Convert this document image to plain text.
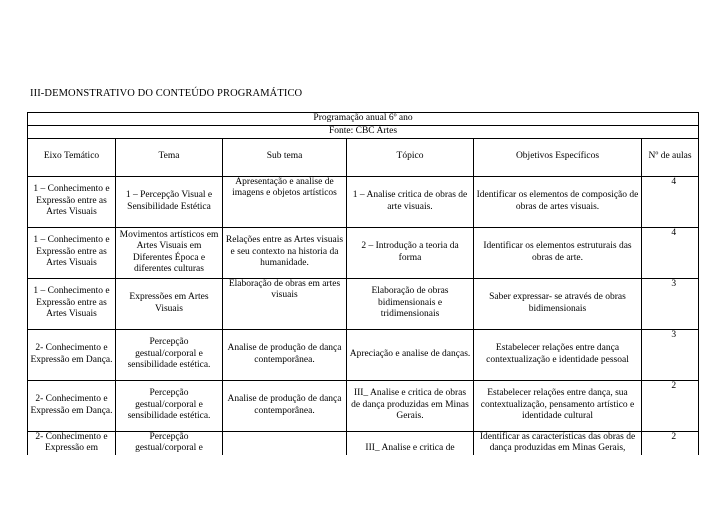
III-DEMONSTRATIVO DO CONTEÚDO PROGRAMÁTICO
Programação anual 6º ano					
Fonte: CBC Artes					
Eixo Temático	Tema	Sub tema	Tópico	Objetivos Específicos	Nº de aulas
1 – Conhecimento e Expressão entre as Artes Visuais	1 – Percepção Visual e Sensibilidade Estética	Apresentação e analise de imagens e objetos artísticos	1 – Analise critica de obras de arte visuais.	Identificar os elementos de composição de obras de artes visuais.	4
1 – Conhecimento e Expressão entre as Artes Visuais	Movimentos artísticos em Artes Visuais em Diferentes Época e diferentes culturas	Relações entre as Artes visuais e seu contexto na historia da humanidade.	2 – Introdução a teoria da forma	Identificar os elementos estruturais das obras de arte.	4
1 – Conhecimento e Expressão entre as Artes Visuais	Expressões em Artes Visuais	Elaboração de obras em artes visuais	Elaboração de obras bidimensionais e tridimensionais	Saber expressar- se através de obras bidimensionais	3
2- Conhecimento e Expressão em Dança.	Percepção gestual/corporal e sensibilidade estética.	Analise de produção de dança contemporânea.	Apreciação e analise de danças.	Estabelecer relações entre dança contextualização e identidade pessoal	3
2- Conhecimento e Expressão em Dança.	Percepção gestual/corporal e sensibilidade estética.	Analise de produção de dança contemporânea.	III_ Analise e critica de obras de dança produzidas em Minas Gerais.	Estabelecer relações entre dança, sua contextualização, pensamento artístico e identidade cultural	2
2- Conhecimento e Expressão em	Percepção gestual/corporal e		III_ Analise e critica de	Identificar as características das obras de dança produzidas em Minas Gerais,	2
